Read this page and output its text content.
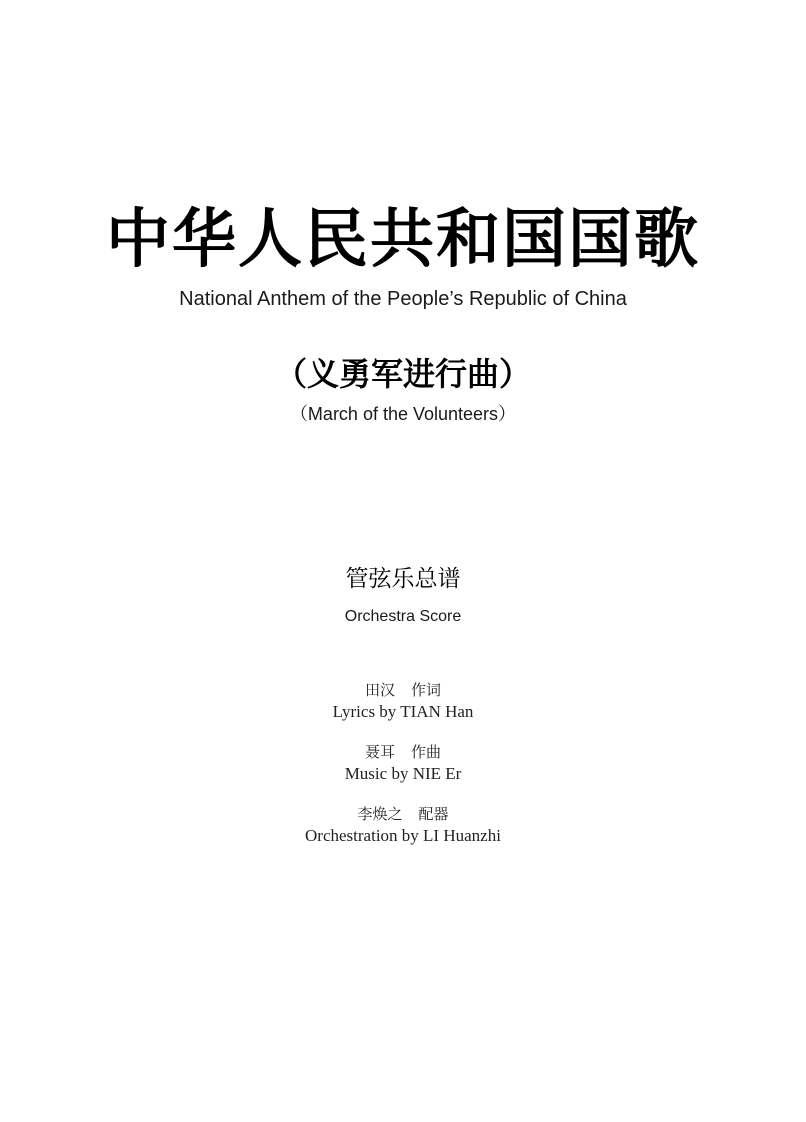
中华人民共和国国歌
National Anthem of the People’s Republic of China
（义勇军进行曲）
（March of the Volunteers）
管弦乐总谱
Orchestra Score
田汉 作词
Lyrics by TIAN Han
聂耳 作曲
Music by NIE Er
李焕之 配器
Orchestration by LI Huanzhi
